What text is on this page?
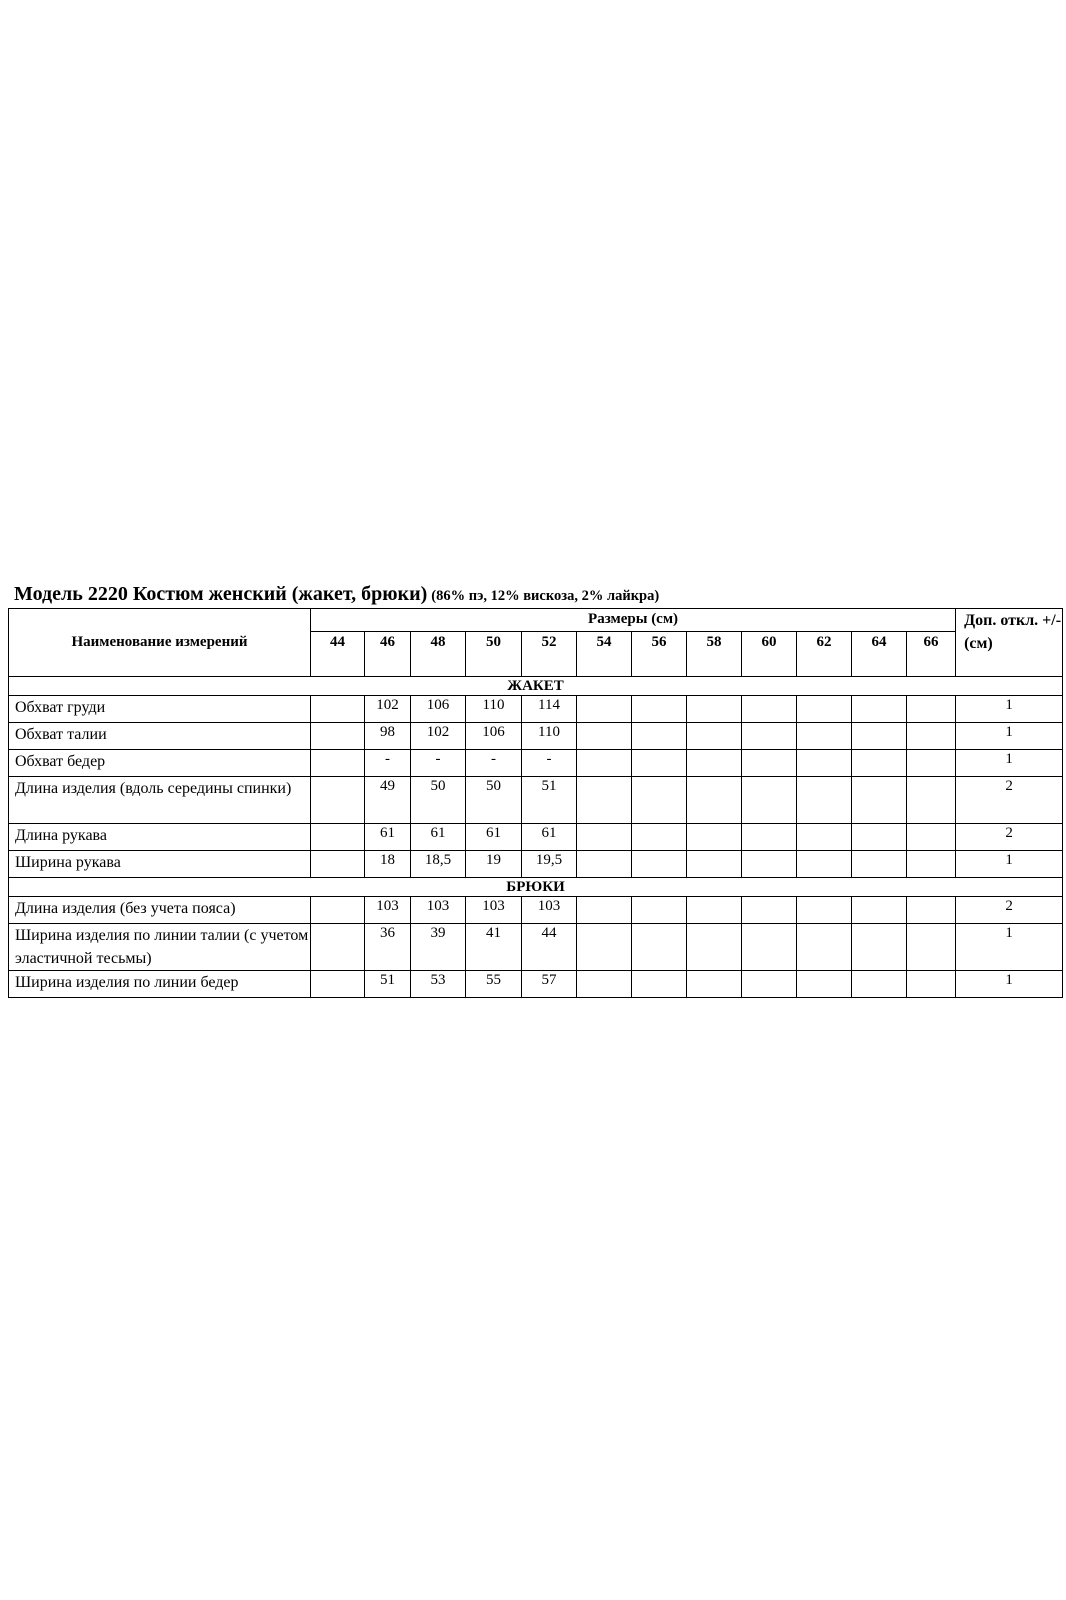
Модель 2220 Костюм женский (жакет, брюки) (86% пэ, 12% вискоза, 2% лайкра)
Наименование измерений	Размеры (см)												Доп. откл. +/- (см)
	44	46	48	50	52	54	56	58	60	62	64	66	
ЖАКЕТ													
Обхват груди		102	106	110	114								1
Обхват талии		98	102	106	110								1
Обхват бедер		-	-	-	-								1
Длина изделия (вдоль середины спинки)		49	50	50	51								2
Длина рукава		61	61	61	61								2
Ширина рукава		18	18,5	19	19,5								1
БРЮКИ													
Длина изделия (без учета пояса)		103	103	103	103								2
Ширина изделия по линии талии (с учетом эластичной тесьмы)		36	39	41	44								1
Ширина изделия по линии бедер		51	53	55	57								1
